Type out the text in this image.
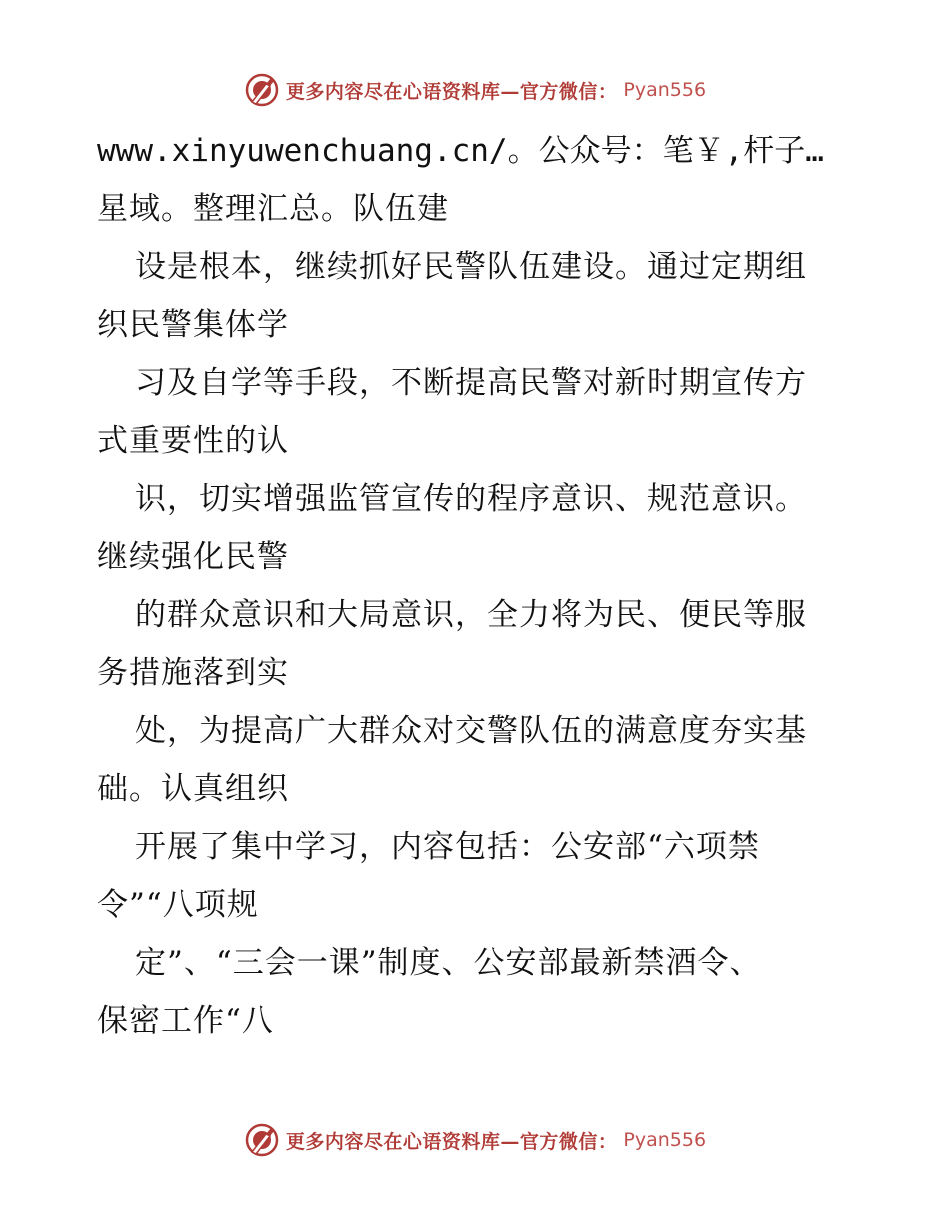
更多内容尽在心语资料库—官方微信： Pyan556
www.xinyuwenchuang.cn/。公众号：笔￥,杆子…
星域。整理汇总。队伍建
设是根本，继续抓好民警队伍建设。通过定期组
织民警集体学
习及自学等手段，不断提高民警对新时期宣传方
式重要性的认
识，切实增强监管宣传的程序意识、规范意识。
继续强化民警
的群众意识和大局意识，全力将为民、便民等服
务措施落到实
处，为提高广大群众对交警队伍的满意度夯实基
础。认真组织
开展了集中学习，内容包括：公安部“六项禁
令”“八项规
定”、“三会一课”制度、公安部最新禁酒令、
保密工作“八
更多内容尽在心语资料库—官方微信： Pyan556
